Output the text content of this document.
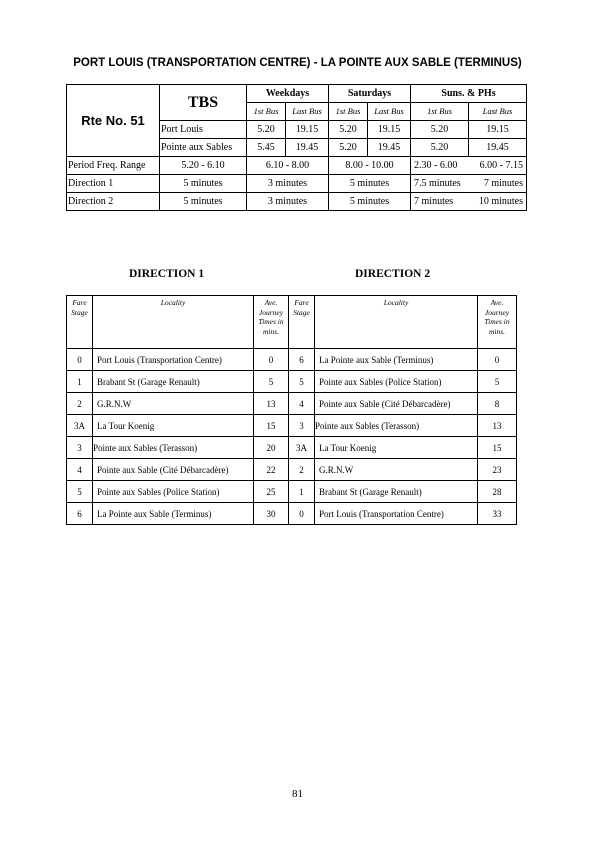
PORT LOUIS (TRANSPORTATION CENTRE) - LA POINTE AUX SABLE (TERMINUS)
Rte No. 51	TBS	Weekdays		Saturdays		Suns. & PHs	
		1st Bus	Last Bus	1st Bus	Last Bus	1st Bus	Last Bus
	Port Louis	5.20	19.15	5.20	19.15	5.20	19.15
	Pointe aux Sables	5.45	19.45	5.20	19.45	5.20	19.45
Period Freq. Range	5.20 - 6.10	6.10 - 8.00		8.00 - 10.00		2.30 - 6.00 6.00 - 7.15	

Direction 1	5 minutes	3 minutes		5 minutes		7.5 minutes 7 minutes	

Direction 2	5 minutes	3 minutes		5 minutes		7 minutes 10 minutes	
DIRECTION 1	DIRECTION 2
Fare
Stage	Locality	Ave.
Journey
Times in
mins.	Fare
Stage	Locality	Ave.
Journey
Times in
mins.
0	Port Louis (Transportation Centre)	0	6	La Pointe aux Sable (Terminus)	0
1	Brabant St (Garage Renault)	5	5	Pointe aux Sables (Police Station)	5
2	G.R.N.W	13	4	Pointe aux Sable (Cité Débarcadère)	8
3A	La Tour Koenig	15	3	Pointe aux Sables (Terasson)	13
3	Pointe aux Sables (Terasson)	20	3A	La Tour Koenig	15
4	Pointe aux Sable (Cité Débarcadère)	22	2	G.R.N.W	23
5	Pointe aux Sables (Police Station)	25	1	Brabant St (Garage Renault)	28
6	La Pointe aux Sable (Terminus)	30	0	Port Louis (Transportation Centre)	33
81
